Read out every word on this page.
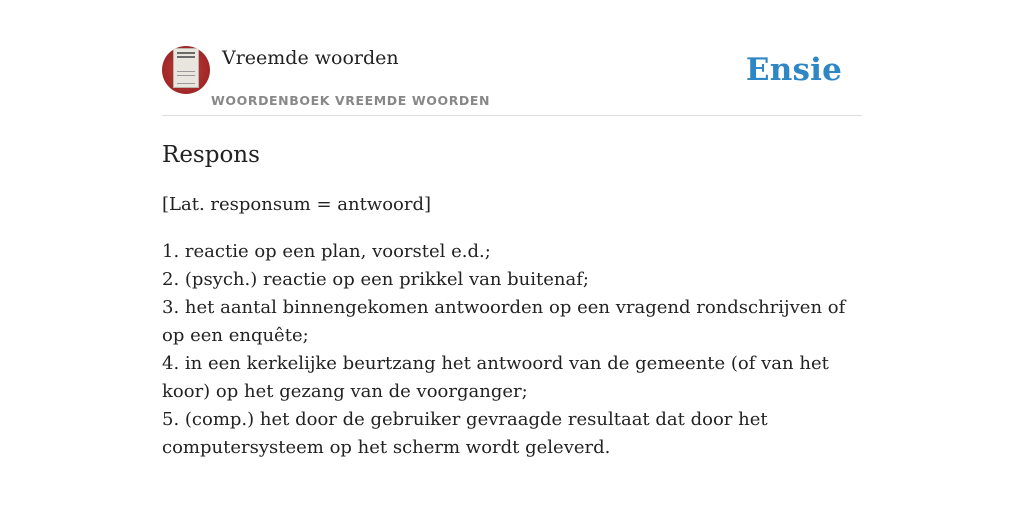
Vreemde woorden
WOORDENBOEK VREEMDE WOORDEN
Ensie
Respons
[Lat. responsum = antwoord]
1. reactie op een plan, voorstel e.d.;
2. (psych.) reactie op een prikkel van buitenaf;
3. het aantal binnengekomen antwoorden op een vragend rondschrijven of op een enquête;
4. in een kerkelijke beurtzang het antwoord van de gemeente (of van het koor) op het gezang van de voorganger;
5. (comp.) het door de gebruiker gevraagde resultaat dat door het computersysteem op het scherm wordt geleverd.
